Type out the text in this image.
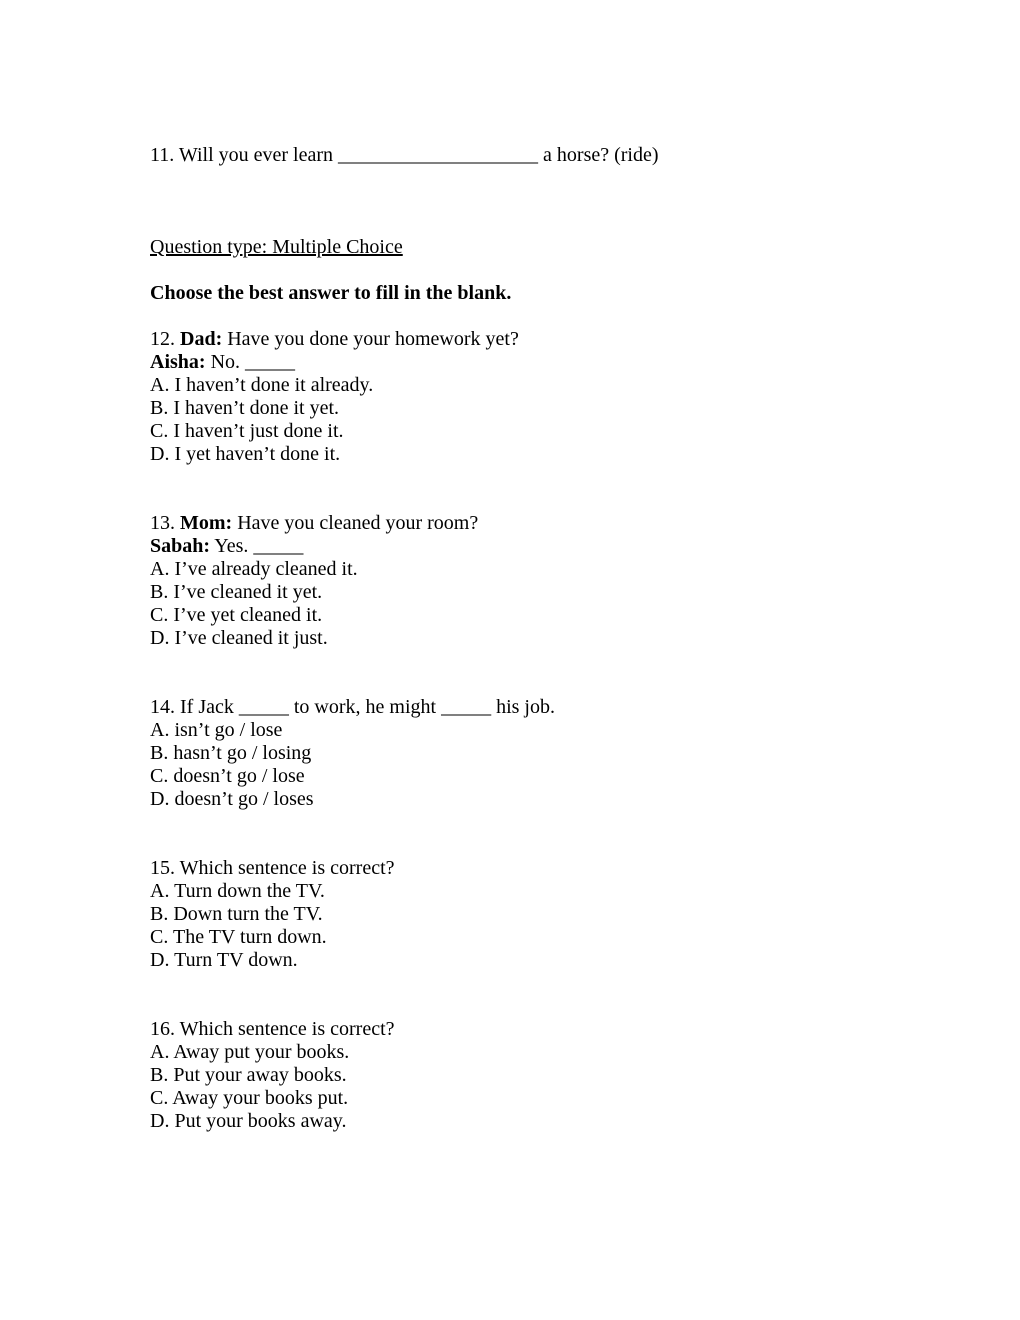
11. Will you ever learn ____________________ a horse? (ride)

Question type: Multiple Choice

Choose the best answer to fill in the blank.

12. Dad: Have you done your homework yet?

Aisha: No. _____

A. I haven’t done it already.

B. I haven’t done it yet.

C. I haven’t just done it.

D. I yet haven’t done it.

13. Mom: Have you cleaned your room?

Sabah: Yes. _____

A. I’ve already cleaned it.

B. I’ve cleaned it yet.

C. I’ve yet cleaned it.

D. I’ve cleaned it just.

14. If Jack _____ to work, he might _____ his job.

A. isn’t go / lose

B. hasn’t go / losing

C. doesn’t go / lose

D. doesn’t go / loses

15. Which sentence is correct?

A. Turn down the TV.

B. Down turn the TV.

C. The TV turn down.

D. Turn TV down.

16. Which sentence is correct?

A. Away put your books.

B. Put your away books.

C. Away your books put.

D. Put your books away.
